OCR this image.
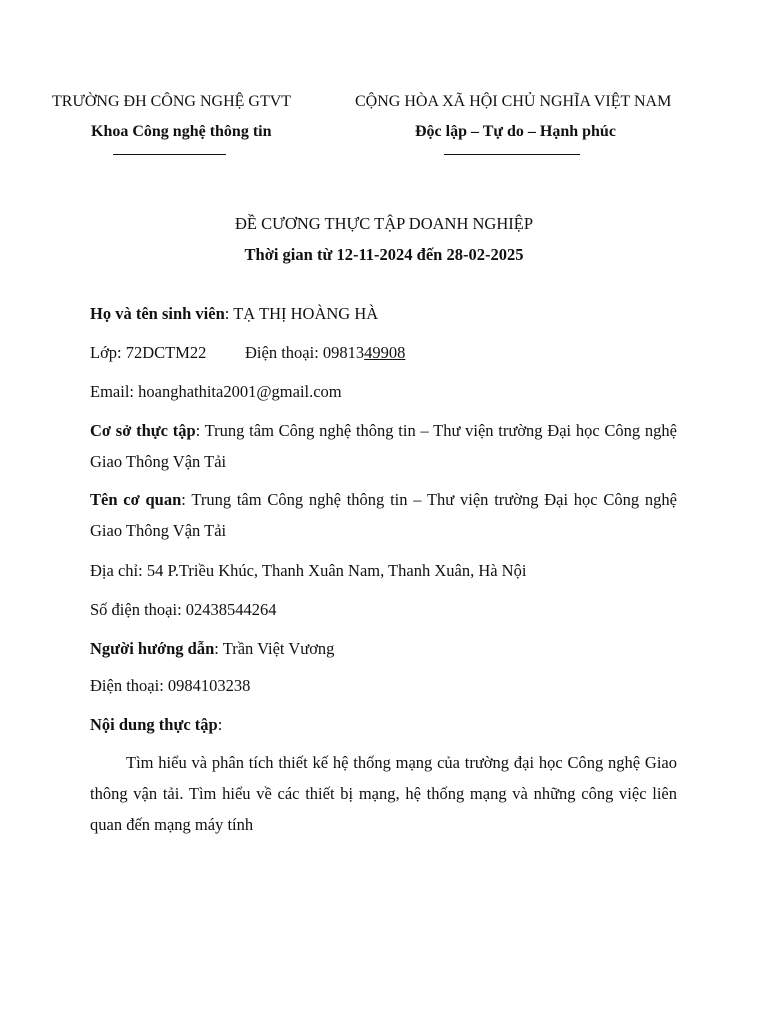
TRƯỜNG ĐH CÔNG NGHỆ GTVT
Khoa Công nghệ thông tin
CỘNG HÒA XÃ HỘI CHỦ NGHĨA VIỆT NAM
Độc lập – Tự do – Hạnh phúc
ĐỀ CƯƠNG THỰC TẬP DOANH NGHIỆP
Thời gian từ 12-11-2024 đến 28-02-2025
Họ và tên sinh viên: TẠ THỊ HOÀNG HÀ
Lớp: 72DCTM22 Điện thoại: 0981349908
Email: hoanghathita2001@gmail.com
Cơ sở thực tập: Trung tâm Công nghệ thông tin – Thư viện trường Đại học Công nghệ Giao Thông Vận Tải
Tên cơ quan: Trung tâm Công nghệ thông tin – Thư viện trường Đại học Công nghệ Giao Thông Vận Tải
Địa chỉ: 54 P.Triều Khúc, Thanh Xuân Nam, Thanh Xuân, Hà Nội
Số điện thoại: 02438544264
Người hướng dẫn: Trần Việt Vương
Điện thoại: 0984103238
Nội dung thực tập:
Tìm hiểu và phân tích thiết kế hệ thống mạng của trường đại học Công nghệ Giao thông vận tải. Tìm hiểu về các thiết bị mạng, hệ thống mạng và những công việc liên quan đến mạng máy tính
